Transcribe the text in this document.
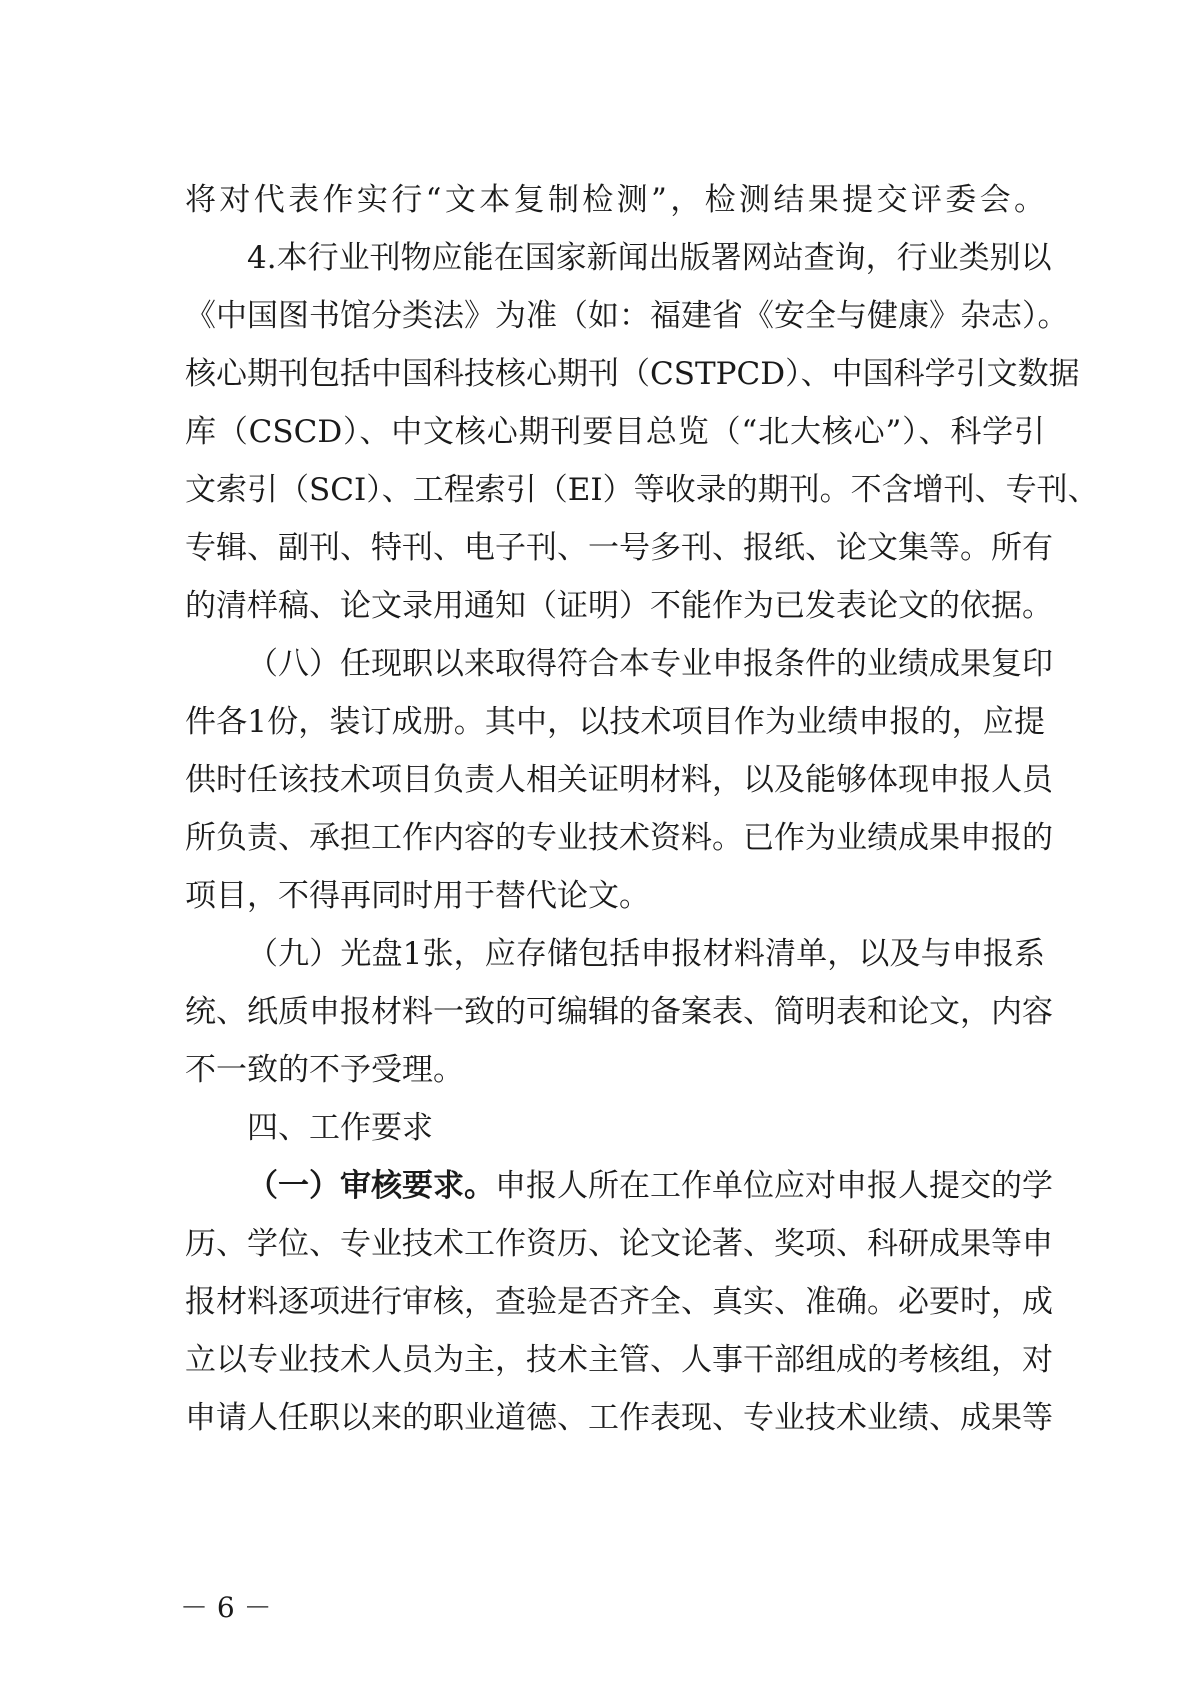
将对代表作实行“文本复制检测”，检测结果提交评委会。
4.本行业刊物应能在国家新闻出版署网站查询，行业类别以
《中国图书馆分类法》为准（如：福建省《安全与健康》杂志）。
核心期刊包括中国科技核心期刊（CSTPCD）、中国科学引文数据
库（CSCD）、中文核心期刊要目总览（“北大核心”）、科学引
文索引（SCI）、工程索引（EI）等收录的期刊。不含增刊、专刊、
专辑、副刊、特刊、电子刊、一号多刊、报纸、论文集等。所有
的清样稿、论文录用通知（证明）不能作为已发表论文的依据。
（八）任现职以来取得符合本专业申报条件的业绩成果复印
件各1份，装订成册。其中，以技术项目作为业绩申报的，应提
供时任该技术项目负责人相关证明材料，以及能够体现申报人员
所负责、承担工作内容的专业技术资料。已作为业绩成果申报的
项目，不得再同时用于替代论文。
（九）光盘1张，应存储包括申报材料清单，以及与申报系
统、纸质申报材料一致的可编辑的备案表、简明表和论文，内容
不一致的不予受理。
四、工作要求
（一）审核要求。申报人所在工作单位应对申报人提交的学
历、学位、专业技术工作资历、论文论著、奖项、科研成果等申
报材料逐项进行审核，查验是否齐全、真实、准确。必要时，成
立以专业技术人员为主，技术主管、人事干部组成的考核组，对
申请人任职以来的职业道德、工作表现、专业技术业绩、成果等
－ 6 －
